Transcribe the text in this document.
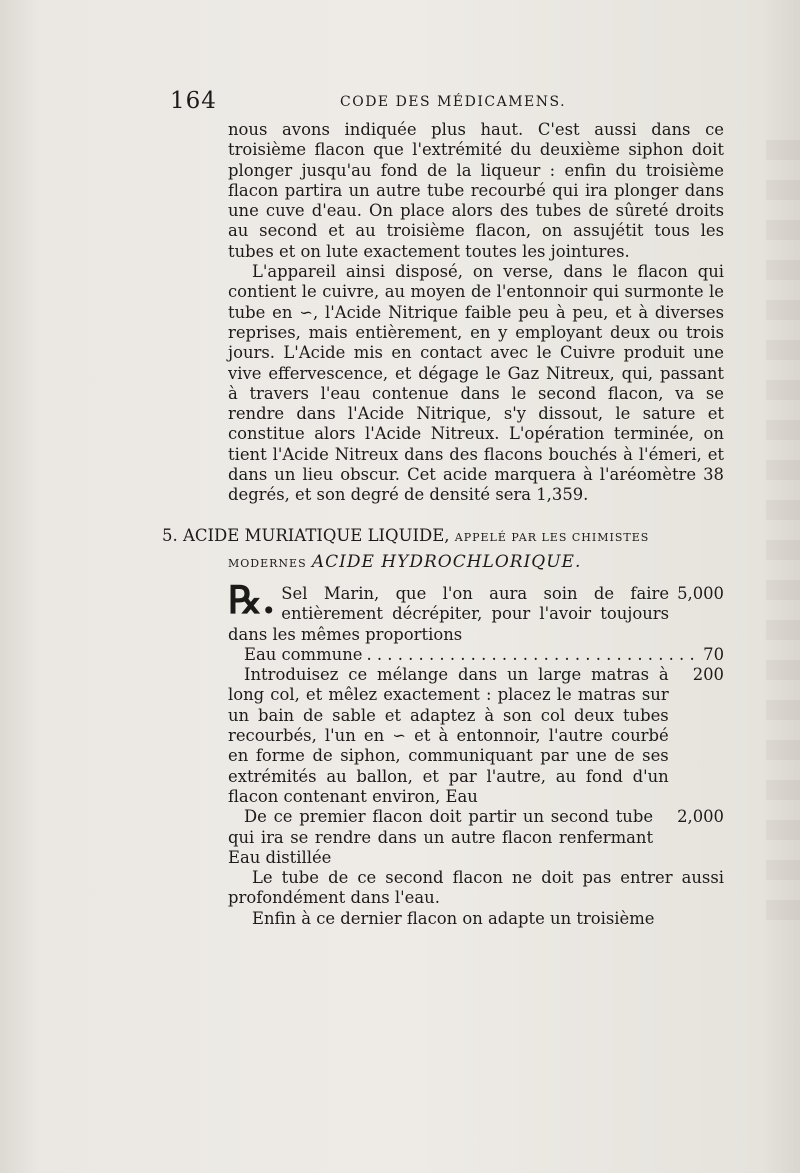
164	CODE DES MÉDICAMENS.

nous avons indiquée plus haut. C'est aussi dans ce troisième flacon que l'extrémité du deuxième siphon doit plonger jusqu'au fond de la liqueur : enfin du troisième flacon partira un autre tube recourbé qui ira plonger dans une cuve d'eau. On place alors des tubes de sûreté droits au second et au troisième flacon, on assujétit tous les tubes et on lute exactement toutes les jointures.

L'appareil ainsi disposé, on verse, dans le flacon qui contient le cuivre, au moyen de l'entonnoir qui surmonte le tube en ∽, l'Acide Nitrique faible peu à peu, et à diverses reprises, mais entièrement, en y employant deux ou trois jours. L'Acide mis en contact avec le Cuivre produit une vive effervescence, et dégage le Gaz Nitreux, qui, passant à travers l'eau contenue dans le second flacon, va se rendre dans l'Acide Nitrique, s'y dissout, le sature et constitue alors l'Acide Nitreux. L'opération terminée, on tient l'Acide Nitreux dans des flacons bouchés à l'émeri, et dans un lieu obscur. Cet acide marquera à l'aréomètre 38 degrés, et son degré de densité sera 1,359.

5. ACIDE MURIATIQUE LIQUIDE, APPELÉ PAR LES CHIMISTES
MODERNES ACIDE HYDROCHLORIQUE.
℞. Sel Marin, que l'on aura soin de faire entièrement décrépiter, pour l'avoir toujours dans les mêmes proportions
5,000
Eau commune
. . .	70
Introduisez ce mélange dans un large matras à long col, et mêlez exactement : placez le matras sur un bain de sable et adaptez à son col deux tubes recourbés, l'un en ∽ et à entonnoir, l'autre courbé en forme de siphon, communiquant par une de ses extrémités au ballon, et par l'autre, au fond d'un flacon contenant environ, Eau
200
De ce premier flacon doit partir un second tube qui ira se rendre dans un autre flacon renfermant Eau distillée
2,000

Le tube de ce second flacon ne doit pas entrer aussi profondément dans l'eau.

Enfin à ce dernier flacon on adapte un troisième
